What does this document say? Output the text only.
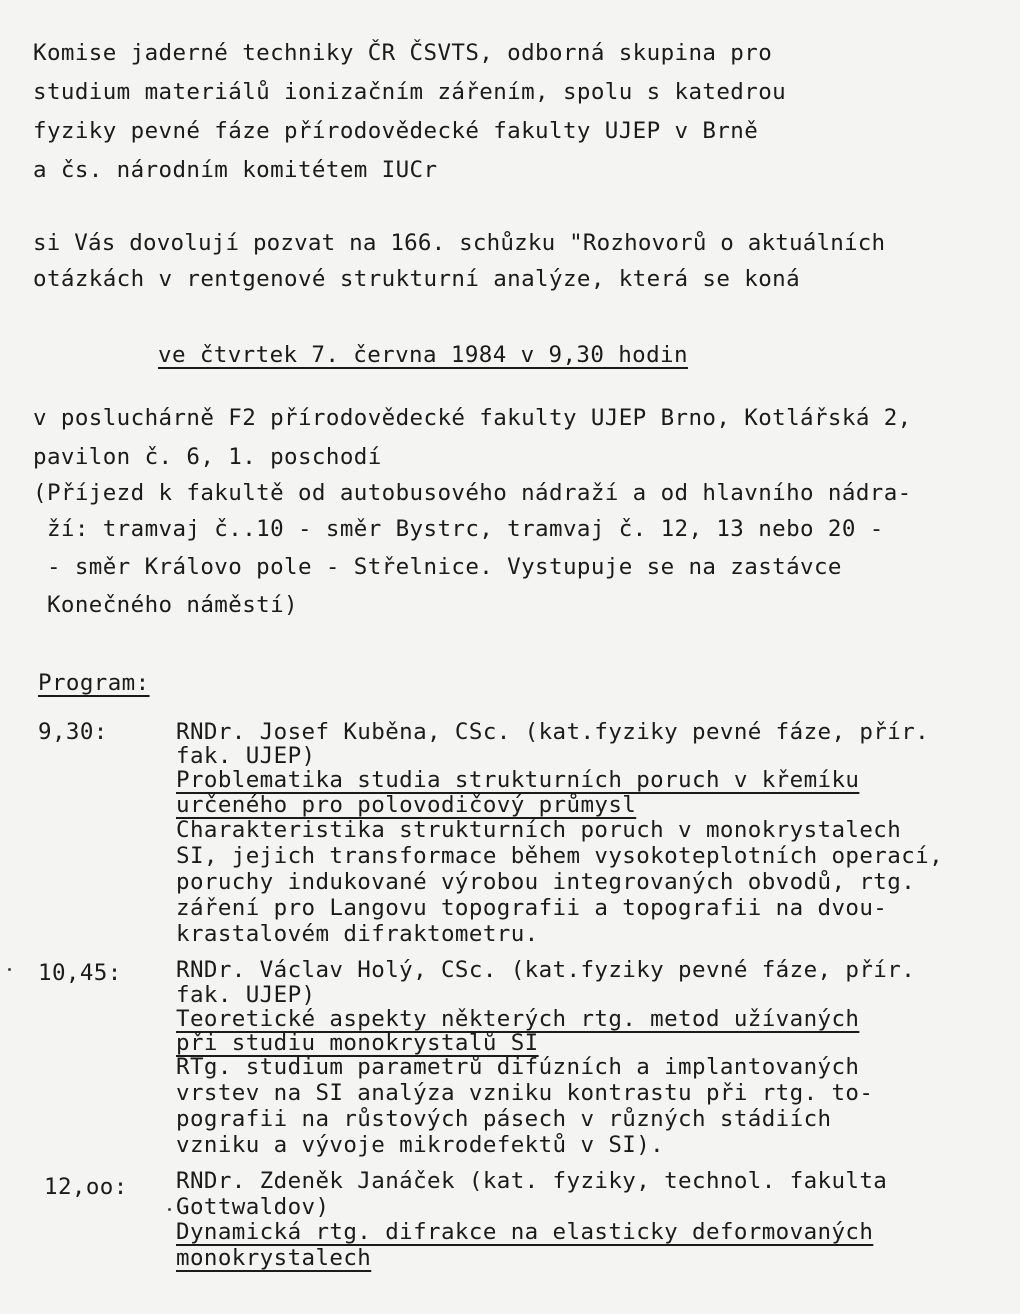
Komise jaderné techniky ČR ČSVTS, odborná skupina pro
studium materiálů ionizačním zářením, spolu s katedrou
fyziky pevné fáze přírodovědecké fakulty UJEP v Brně
a čs. národním komitétem IUCr
si Vás dovolují pozvat na 166. schůzku "Rozhovorů o aktuálních
otázkách v rentgenové strukturní analýze, která se koná
ve čtvrtek 7. června 1984 v 9,30 hodin
v posluchárně F2 přírodovědecké fakulty UJEP Brno, Kotlářská 2,
pavilon č. 6, 1. poschodí
(Příjezd k fakultě od autobusového nádraží a od hlavního nádra-
ží: tramvaj č..10 - směr Bystrc, tramvaj č. 12, 13 nebo 20 -
- směr Královo pole - Střelnice. Vystupuje se na zastávce
Konečného náměstí)
Program:
9,30:	RNDr. Josef Kuběna, CSc. (kat.fyziky pevné fáze, přír.
fak. UJEP)
Problematika studia strukturních poruch v křemíku
určeného pro polovodičový průmysl
Charakteristika strukturních poruch v monokrystalech
SI, jejich transformace během vysokoteplotních operací,
poruchy indukované výrobou integrovaných obvodů, rtg.
záření pro Langovu topografii a topografii na dvou-
krastalovém difraktometru.
10,45: RNDr. Václav Holý, CSc. (kat.fyziky pevné fáze, přír.
fak. UJEP)
Teoretické aspekty některých rtg. metod užívaných
při studiu monokrystalů SI
RTg. studium parametrů difúzních a implantovaných
vrstev na SI analýza vzniku kontrastu při rtg. to-
pografii na růstových pásech v různých stádiích
vzniku a vývoje mikrodefektů v SI).
12,oo: RNDr. Zdeněk Janáček (kat. fyziky, technol. fakulta
Gottwaldov)
Dynamická rtg. difrakce na elasticky deformovaných
monokrystalech
